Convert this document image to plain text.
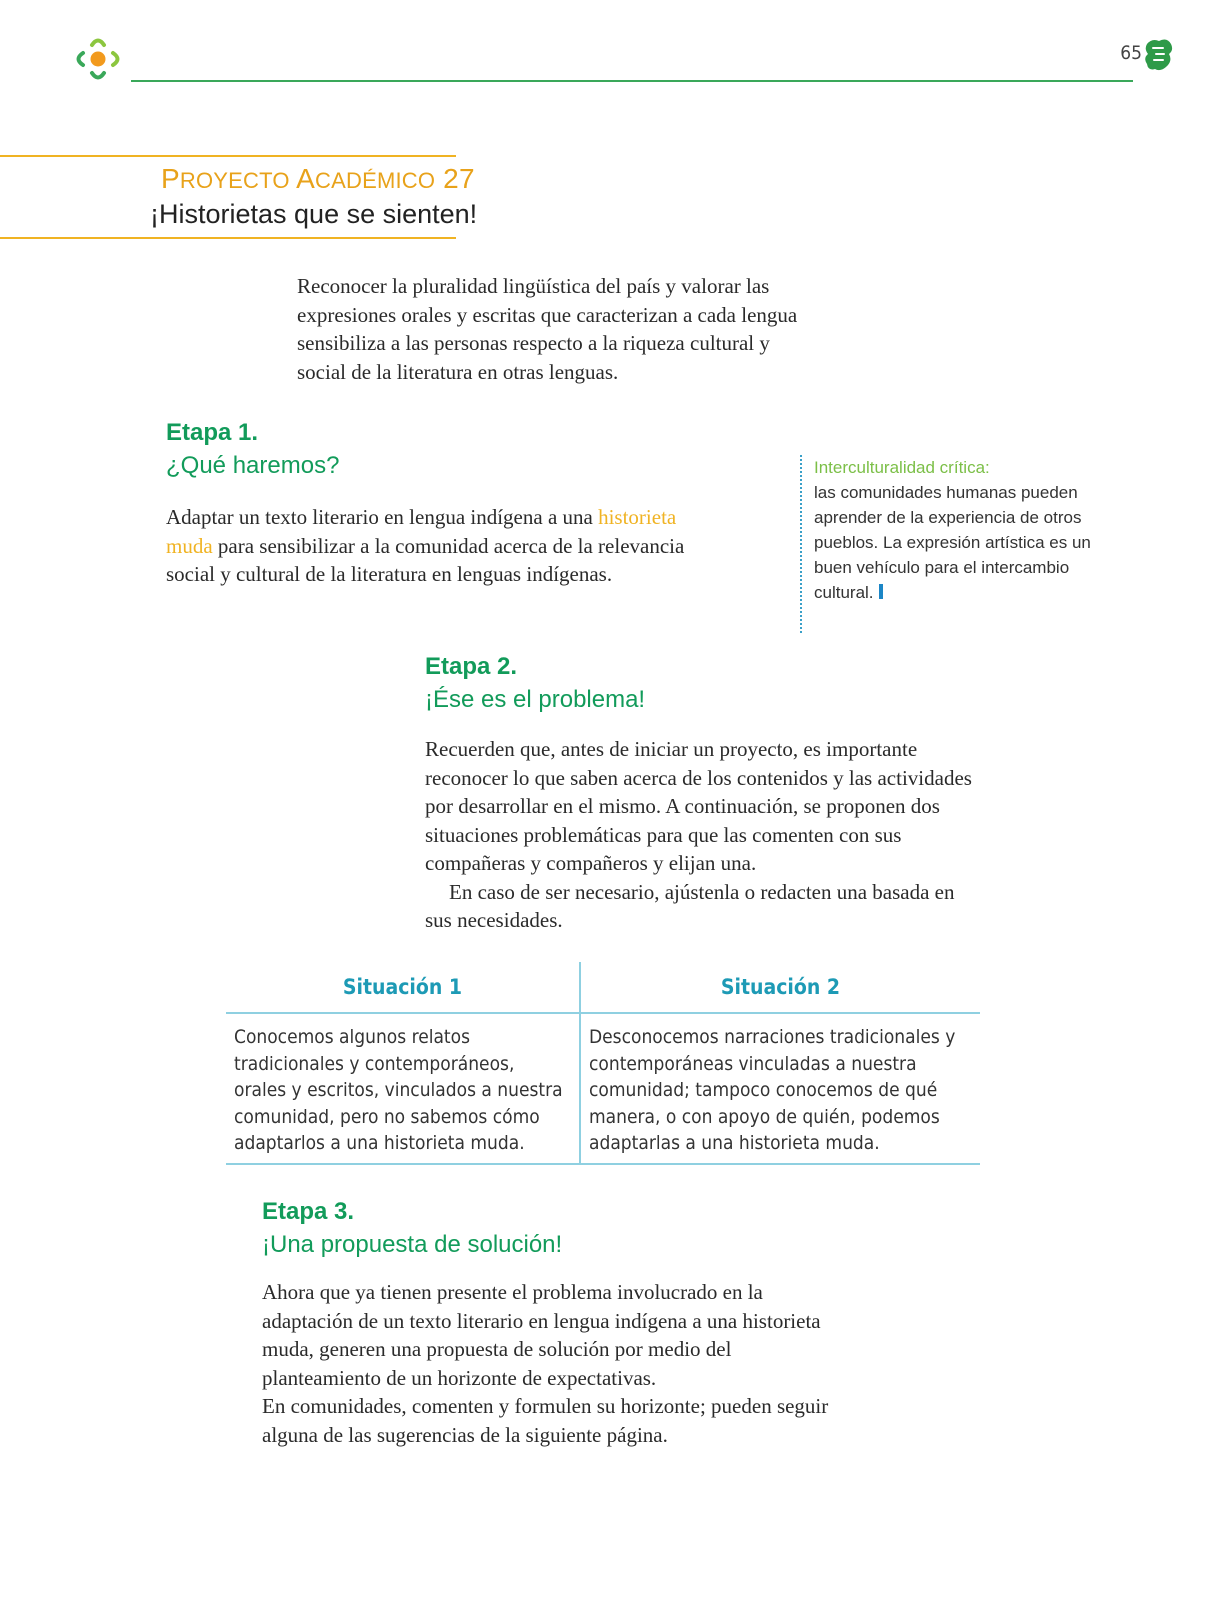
65
PROYECTO ACADÉMICO 27
¡Historietas que se sienten!

Reconocer la pluralidad lingüística del país y valorar las expresiones orales y escritas que caracterizan a cada lengua sensibiliza a las personas respecto a la riqueza cultural y social de la literatura en otras lenguas.

Etapa 1.
¿Qué haremos?

Adaptar un texto literario en lengua indígena a una historieta muda para sensibilizar a la comunidad acerca de la relevancia social y cultural de la literatura en lenguas indígenas.

Interculturalidad crítica:
las comunidades humanas pueden aprender de la experiencia de otros pueblos. La expresión artística es un buen vehículo para el intercambio cultural.
Etapa 2.
¡Ése es el problema!

Recuerden que, antes de iniciar un proyecto, es importante reconocer lo que saben acerca de los contenidos y las actividades por desarrollar en el mismo. A continuación, se proponen dos situaciones problemáticas para que las comenten con sus compañeras y compañeros y elijan una.

En caso de ser necesario, ajústenla o redacten una basada en sus necesidades.

Situación 1	Situación 2
Conocemos algunos relatos tradicionales y contemporáneos, orales y escritos, vinculados a nuestra comunidad, pero no sabemos cómo adaptarlos a una historieta muda.	Desconocemos narraciones tradicionales y contemporáneas vinculadas a nuestra comunidad; tampoco conocemos de qué manera, o con apoyo de quién, podemos adaptarlas a una historieta muda.
Etapa 3.
¡Una propuesta de solución!

Ahora que ya tienen presente el problema involucrado en la adaptación de un texto literario en lengua indígena a una historieta muda, generen una propuesta de solución por medio del planteamiento de un horizonte de expectativas.

En comunidades, comenten y formulen su horizonte; pueden seguir alguna de las sugerencias de la siguiente página.
